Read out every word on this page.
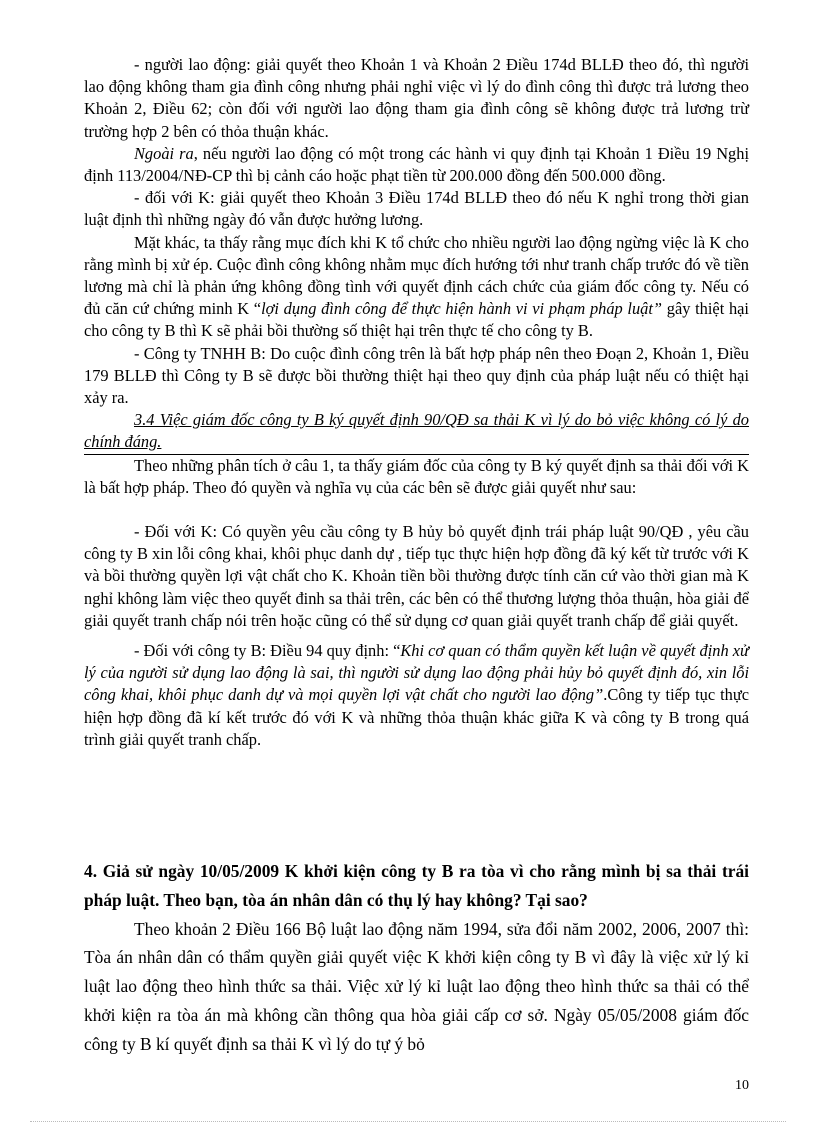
- người lao động: giải quyết theo Khoản 1 và Khoản 2 Điều 174d BLLĐ theo đó, thì người lao động không tham gia đình công nhưng phải nghỉ việc vì lý do đình công thì được trả lương theo Khoản 2, Điều 62; còn đối với người lao động tham gia đình công sẽ không được trả lương trừ trường hợp 2 bên có thỏa thuận khác.

Ngoài ra, nếu người lao động có một trong các hành vi quy định tại Khoản 1 Điều 19 Nghị định 113/2004/NĐ-CP thì bị cảnh cáo hoặc phạt tiền từ 200.000 đồng đến 500.000 đồng.

- đối với K: giải quyết theo Khoản 3 Điều 174d BLLĐ theo đó nếu K nghỉ trong thời gian luật định thì những ngày đó vẫn được hưởng lương.

Mặt khác, ta thấy rằng mục đích khi K tổ chức cho nhiều người lao động ngừng việc là K cho rằng mình bị xử ép. Cuộc đình công không nhằm mục đích hướng tới như tranh chấp trước đó về tiền lương mà chỉ là phản ứng không đồng tình với quyết định cách chức của giám đốc công ty. Nếu có đủ căn cứ chứng minh K “lợi dụng đình công để thực hiện hành vi vi phạm pháp luật” gây thiệt hại cho công ty B thì K sẽ phải bồi thường số thiệt hại trên thực tế cho công ty B.

- Công ty TNHH B: Do cuộc đình công trên là bất hợp pháp nên theo Đoạn 2, Khoản 1, Điều 179 BLLĐ thì Công ty B sẽ được bồi thường thiệt hại theo quy định của pháp luật nếu có thiệt hại xảy ra.

3.4 Việc giám đốc công ty B ký quyết định 90/QĐ sa thải K vì lý do bỏ việc không có lý do chính đáng.

Theo những phân tích ở câu 1, ta thấy giám đốc của công ty B ký quyết định sa thải đối với K là bất hợp pháp. Theo đó quyền và nghĩa vụ của các bên sẽ được giải quyết như sau:

- Đối với K: Có quyền yêu cầu công ty B hủy bỏ quyết định trái pháp luật 90/QĐ , yêu cầu công ty B xin lỗi công khai, khôi phục danh dự , tiếp tục thực hiện hợp đồng đã ký kết từ trước với K và bồi thường quyền lợi vật chất cho K. Khoản tiền bồi thường được tính căn cứ vào thời gian mà K nghỉ không làm việc theo quyết đinh sa thải trên, các bên có thể thương lượng thỏa thuận, hòa giải để giải quyết tranh chấp nói trên hoặc cũng có thể sử dụng cơ quan giải quyết tranh chấp để giải quyết.

- Đối với công ty B: Điều 94 quy định: “Khi cơ quan có thẩm quyền kết luận về quyết định xử lý của người sử dụng lao động là sai, thì người sử dụng lao động phải hủy bỏ quyết định đó, xin lỗi công khai, khôi phục danh dự và mọi quyền lợi vật chất cho người lao động”.Công ty tiếp tục thực hiện hợp đồng đã kí kết trước đó với K và những thỏa thuận khác giữa K và công ty B trong quá trình giải quyết tranh chấp.

4. Giả sử ngày 10/05/2009 K khởi kiện công ty B ra tòa vì cho rằng mình bị sa thải trái pháp luật. Theo bạn, tòa án nhân dân có thụ lý hay không? Tại sao?

Theo khoản 2 Điều 166 Bộ luật lao động năm 1994, sửa đổi năm 2002, 2006, 2007 thì: Tòa án nhân dân có thẩm quyền giải quyết việc K khởi kiện công ty B vì đây là việc xử lý kỉ luật lao động theo hình thức sa thải. Việc xử lý kỉ luật lao động theo hình thức sa thải có thể khởi kiện ra tòa án mà không cần thông qua hòa giải cấp cơ sở. Ngày 05/05/2008 giám đốc công ty B kí quyết định sa thải K vì lý do tự ý bỏ

10
